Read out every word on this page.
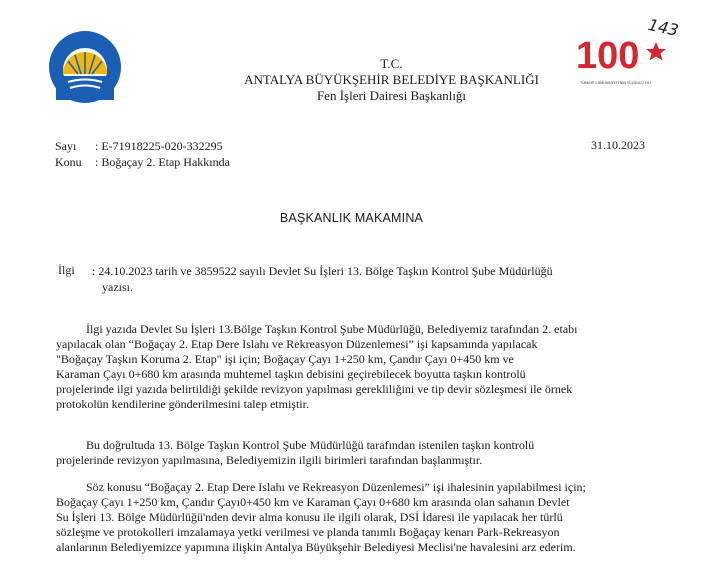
143
100
TÜRKİYE CUMHURİYETİ'NİN YÜZÜNCÜ YILI
T.C.
ANTALYA BÜYÜKŞEHİR BELEDİYE BAŞKANLIĞI
Fen İşleri Dairesi Başkanlığı
Sayı : E-71918225-020-332295
Konu : Boğaçay 2. Etap Hakkında
31.10.2023
BAŞKANLIK MAKAMINA
İlgi : 24.10.2023 tarih ve 3859522 sayılı Devlet Su İşleri 13. Bölge Taşkın Kontrol Şube Müdürlüğü
yazısı.
İlgi yazıda Devlet Su İşleri 13.Bölge Taşkın Kontrol Şube Müdürlüğü, Belediyemiz tarafından 2. etabı
yapılacak olan “Boğaçay 2. Etap Dere Islahı ve Rekreasyon Düzenlemesi” işi kapsamında yapılacak
"Boğaçay Taşkın Koruma 2. Etap" işi için; Boğaçay Çayı 1+250 km, Çandır Çayı 0+450 km ve
Karaman Çayı 0+680 km arasında muhtemel taşkın debisini geçirebilecek boyutta taşkın kontrolü
projelerinde ilgi yazıda belirtildiği şekilde revizyon yapılması gerekliliğini ve tip devir sözleşmesi ile örnek
protokolün kendilerine gönderilmesini talep etmiştir.
Bu doğrultuda 13. Bölge Taşkın Kontrol Şube Müdürlüğü tarafından istenilen taşkın kontrolü
projelerinde revizyon yapılmasına, Belediyemizin ilgili birimleri tarafından başlanmıştır.
Söz konusu “Boğaçay 2. Etap Dere Islahı ve Rekreasyon Düzenlemesi” işi ihalesinin yapılabilmesi için;
Boğaçay Çayı 1+250 km, Çandır Çayı0+450 km ve Karaman Çayı 0+680 km arasında olan sahanın Devlet
Su İşleri 13. Bölge Müdürlüğü'nden devir alma konusu ile ilgili olarak, DSİ İdaresi ile yapılacak her türlü
sözleşme ve protokolleri imzalamaya yetki verilmesi ve planda tanımlı Boğaçay kenarı Park-Rekreasyon
alanlarının Belediyemizce yapımına ilişkin Antalya Büyükşehir Belediyesi Meclisi'ne havalesini arz ederim.
